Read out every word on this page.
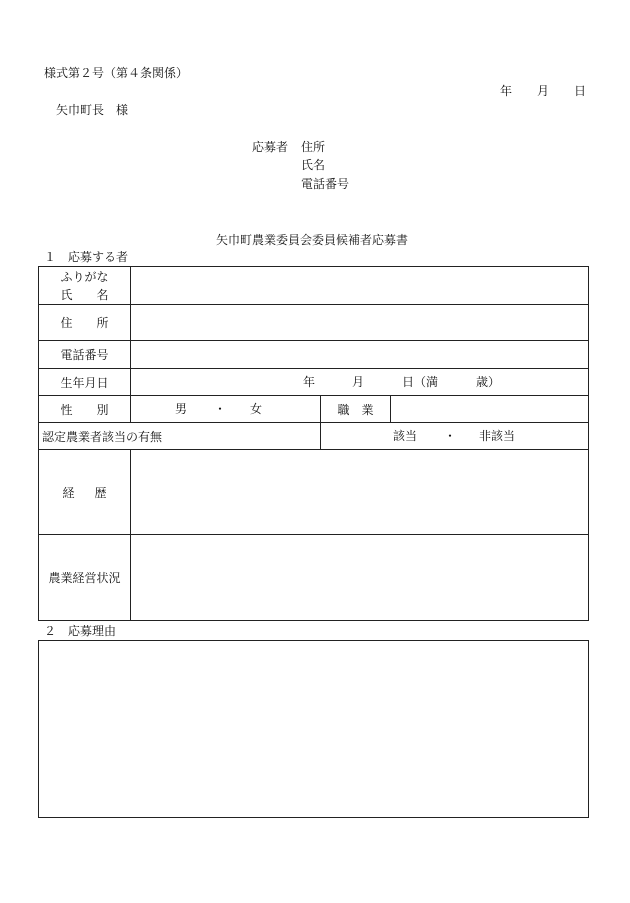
様式第２号（第４条関係）
年 月 日
矢巾町長　様
応募者 住所
氏名
電話番号
矢巾町農業委員会委員候補者応募書
１　応募する者
ふりがな
氏 名			

住 所			

電話番号			
生年月日	年 月 日（満 歳）		

性 別	男 ・ 女	職 業	

認定農業者該当の有無		該当 ・ 非該当	

経 歴			

農業経営状況			
２　応募理由
